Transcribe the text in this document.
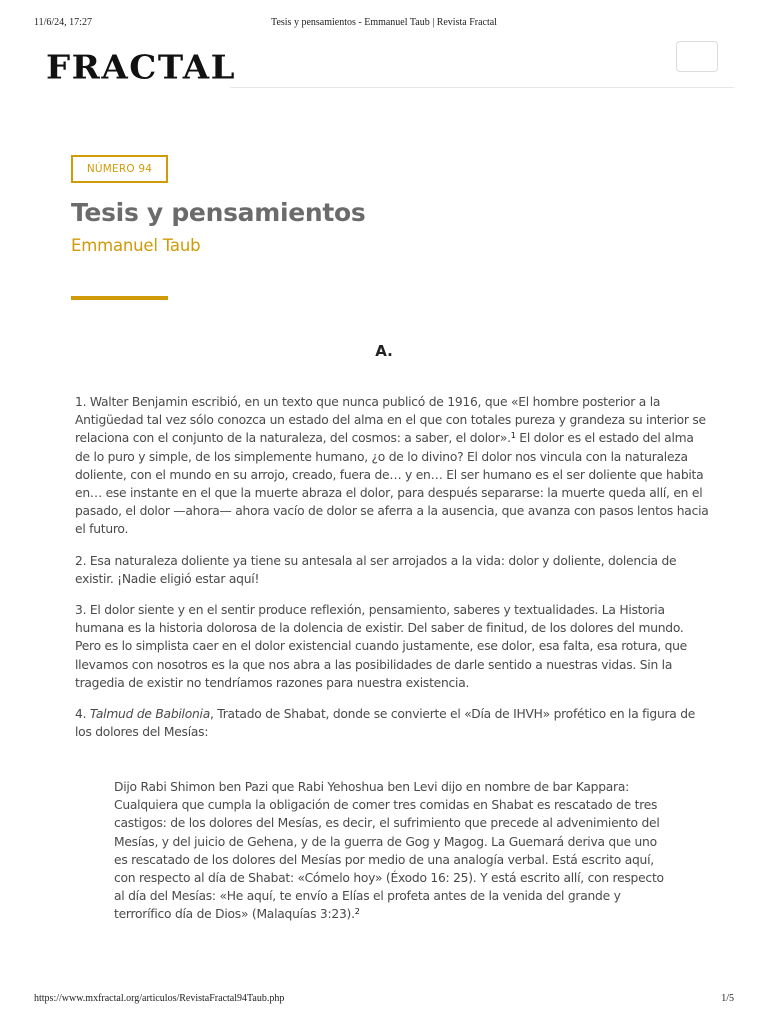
11/6/24, 17:27	Tesis y pensamientos - Emmanuel Taub | Revista Fractal
FRACTAL
NÚMERO 94
Tesis y pensamientos
Emmanuel Taub
A.

1. Walter Benjamin escribió, en un texto que nunca publicó de 1916, que «El hombre posterior a la Antigüedad tal vez sólo conozca un estado del alma en el que con totales pureza y grandeza su interior se relaciona con el conjunto de la naturaleza, del cosmos: a saber, el dolor».$^1$ El dolor es el estado del alma de lo puro y simple, de los simplemente humano, ¿o de lo divino? El dolor nos vincula con la naturaleza doliente, con el mundo en su arrojo, creado, fuera de… y en… El ser humano es el ser doliente que habita en… ese instante en el que la muerte abraza el dolor, para después separarse: la muerte queda allí, en el pasado, el dolor —ahora— ahora vacío de dolor se aferra a la ausencia, que avanza con pasos lentos hacia el futuro.

2. Esa naturaleza doliente ya tiene su antesala al ser arrojados a la vida: dolor y doliente, dolencia de existir. ¡Nadie eligió estar aquí!

3. El dolor siente y en el sentir produce reflexión, pensamiento, saberes y textualidades. La Historia humana es la historia dolorosa de la dolencia de existir. Del saber de finitud, de los dolores del mundo. Pero es lo simplista caer en el dolor existencial cuando justamente, ese dolor, esa falta, esa rotura, que llevamos con nosotros es la que nos abra a las posibilidades de darle sentido a nuestras vidas. Sin la tragedia de existir no tendríamos razones para nuestra existencia.

4. Talmud de Babilonia, Tratado de Shabat, donde se convierte el «Día de IHVH» profético en la figura de los dolores del Mesías:

Dijo Rabi Shimon ben Pazi que Rabi Yehoshua ben Levi dijo en nombre de bar Kappara: Cualquiera que cumpla la obligación de comer tres comidas en Shabat es rescatado de tres castigos: de los dolores del Mesías, es decir, el sufrimiento que precede al advenimiento del Mesías, y del juicio de Gehena, y de la guerra de Gog y Magog. La Guemará deriva que uno es rescatado de los dolores del Mesías por medio de una analogía verbal. Está escrito aquí, con respecto al día de Shabat: «Cómelo hoy» (Éxodo 16: 25). Y está escrito allí, con respecto al día del Mesías: «He aquí, te envío a Elías el profeta antes de la venida del grande y terrorífico día de Dios» (Malaquías 3:23).$^2$
https://www.mxfractal.org/articulos/RevistaFractal94Taub.php	1/5
